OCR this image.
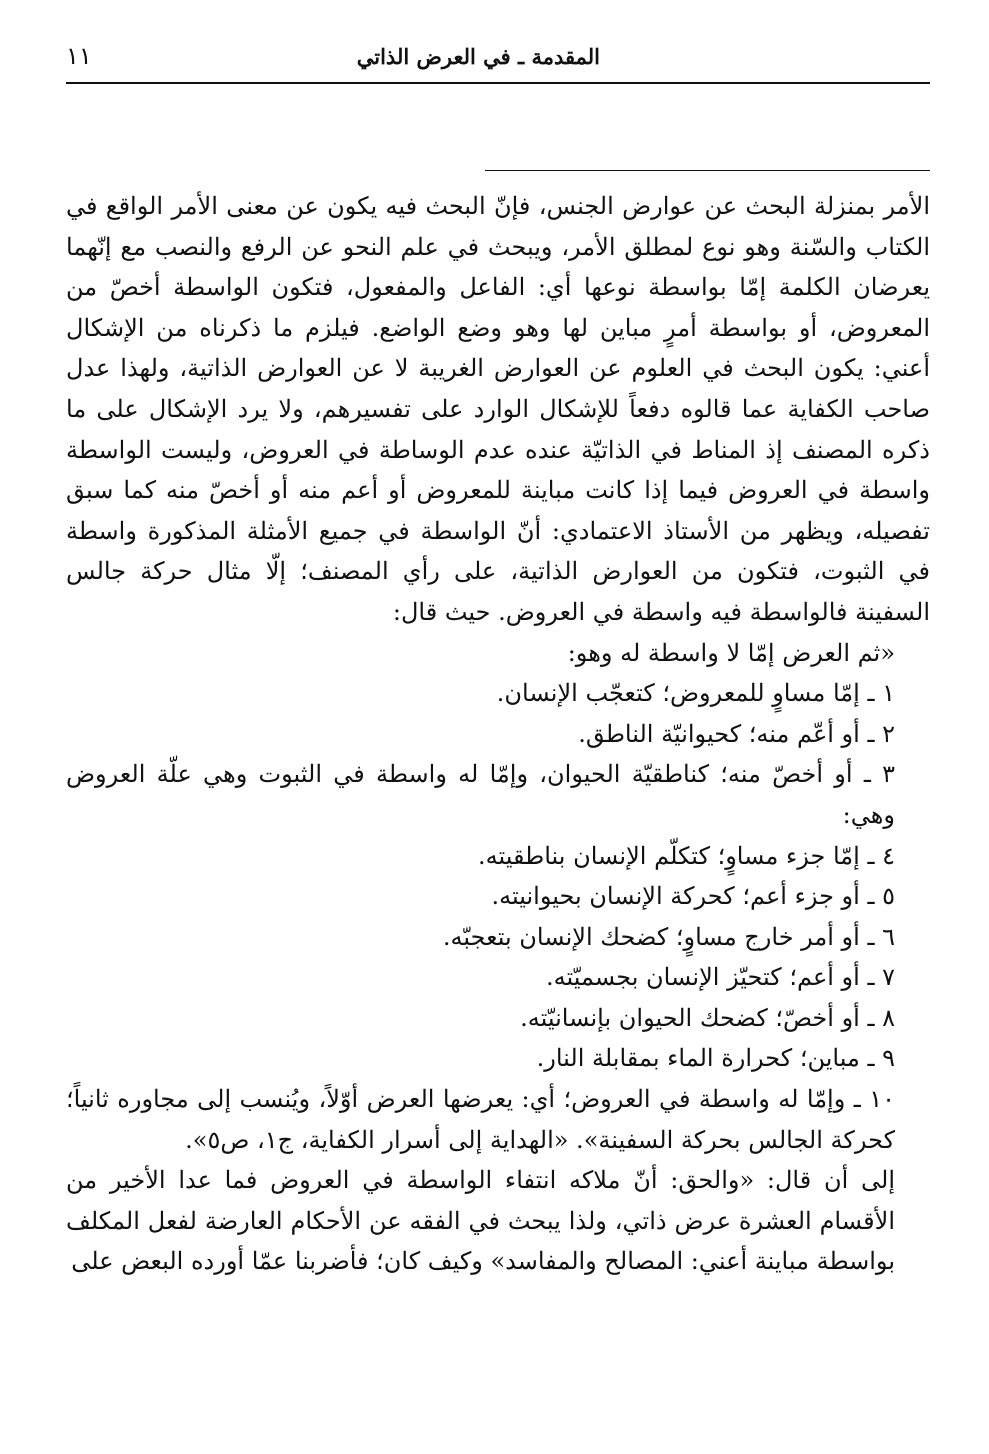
المقدمة ـ في العرض الذاتي
١١

الأمر بمنزلة البحث عن عوارض الجنس، فإنّ البحث فيه يكون عن معنى الأمر الواقع في الكتاب والسّنة وهو نوع لمطلق الأمر، ويبحث في علم النحو عن الرفع والنصب مع إنّهما يعرضان الكلمة إمّا بواسطة نوعها أي: الفاعل والمفعول، فتكون الواسطة أخصّ من المعروض، أو بواسطة أمرٍ مباين لها وهو وضع الواضع. فيلزم ما ذكرناه من الإشكال أعني: يكون البحث في العلوم عن العوارض الغريبة لا عن العوارض الذاتية، ولهذا عدل صاحب الكفاية عما قالوه دفعاً للإشكال الوارد على تفسيرهم، ولا يرد الإشكال على ما ذكره المصنف إذ المناط في الذاتيّة عنده عدم الوساطة في العروض، وليست الواسطة واسطة في العروض فيما إذا كانت مباينة للمعروض أو أعم منه أو أخصّ منه كما سبق تفصيله، ويظهر من الأستاذ الاعتمادي: أنّ الواسطة في جميع الأمثلة المذكورة واسطة في الثبوت، فتكون من العوارض الذاتية، على رأي المصنف؛ إلّا مثال حركة جالس السفينة فالواسطة فيه واسطة في العروض. حيث قال:

«ثم العرض إمّا لا واسطة له وهو:

١ ـ إمّا مساوٍ للمعروض؛ كتعجّب الإنسان.

٢ ـ أو أعّم منه؛ كحيوانيّة الناطق.

٣ ـ أو أخصّ منه؛ كناطقيّة الحيوان، وإمّا له واسطة في الثبوت وهي علّة العروض وهي:

٤ ـ إمّا جزء مساوٍ؛ كتكلّم الإنسان بناطقيته.

٥ ـ أو جزء أعم؛ كحركة الإنسان بحيوانيته.

٦ ـ أو أمر خارج مساوٍ؛ كضحك الإنسان بتعجبّه.

٧ ـ أو أعم؛ كتحيّز الإنسان بجسميّته.

٨ ـ أو أخصّ؛ كضحك الحيوان بإنسانيّته.

٩ ـ مباين؛ كحرارة الماء بمقابلة النار.

١٠ ـ وإمّا له واسطة في العروض؛ أي: يعرضها العرض أوّلاً، ويُنسب إلى مجاوره ثانياً؛ كحركة الجالس بحركة السفينة». «الهداية إلى أسرار الكفاية، ج١، ص٥».

إلى أن قال: «والحق: أنّ ملاكه انتفاء الواسطة في العروض فما عدا الأخير من الأقسام العشرة عرض ذاتي، ولذا يبحث في الفقه عن الأحكام العارضة لفعل المكلف بواسطة مباينة أعني: المصالح والمفاسد» وكيف كان؛ فأضربنا عمّا أورده البعض على
